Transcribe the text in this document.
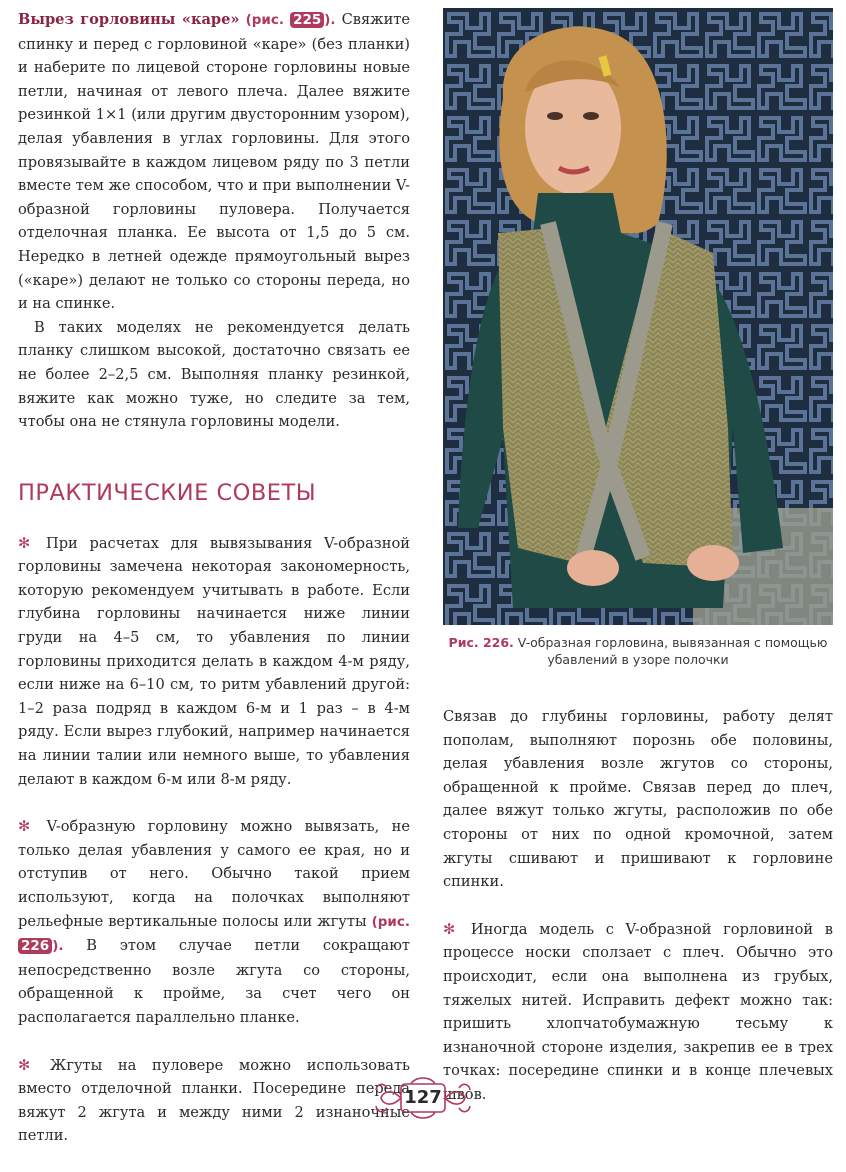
Вырез горловины «каре» (рис. 225 ). Свяжите спинку и перед с горловиной «каре» (без планки) и наберите по лицевой стороне горловины новые петли, начиная от левого плеча. Далее вяжите резинкой 1×1 (или другим двусторонним узором), делая убавления в углах горловины. Для этого провязывайте в каждом лицевом ряду по 3 петли вместе тем же способом, что и при выполнении V-образной горловины пуловера. Получается отделочная планка. Ее высота от 1,5 до 5 см. Нередко в летней одежде прямоугольный вырез («каре») делают не только со стороны переда, но и на спинке.

В таких моделях не рекомендуется делать планку слишком высокой, достаточно связать ее не более 2–2,5 см. Выполняя планку резинкой, вяжите как можно туже, но следите за тем, чтобы она не стянула горловины модели.

ПРАКТИЧЕСКИЕ СОВЕТЫ

✻ При расчетах для вывязывания V-образной горловины замечена некоторая закономерность, которую рекомендуем учитывать в работе. Если глубина горловины начинается ниже линии груди на 4–5 см, то убавления по линии горловины приходится делать в каждом 4-м ряду, если ниже на 6–10 см, то ритм убавлений другой: 1–2 раза подряд в каждом 6-м и 1 раз – в 4-м ряду. Если вырез глубокий, например начинается на линии талии или немного выше, то убавления делают в каждом 6-м или 8-м ряду.

✻ V-образную горловину можно вывязать, не только делая убавления у самого ее края, но и отступив от него. Обычно такой прием используют, когда на полочках выполняют рельефные вертикальные полосы или жгуты (рис. 226 ). В этом случае петли сокращают непосредственно возле жгута со стороны, обращенной к пройме, за счет чего он располагается параллельно планке.

✻ Жгуты на пуловере можно использовать вместо отделочной планки. Посередине переда вяжут 2 жгута и между ними 2 изнаночные петли.

Рис. 226. V-образная горловина, вывязанная с помощью убавлений в узоре полочки

Связав до глубины горловины, работу делят пополам, выполняют порознь обе половины, делая убавления возле жгутов со стороны, обращенной к пройме. Связав перед до плеч, далее вяжут только жгуты, расположив по обе стороны от них по одной кромочной, затем жгуты сшивают и пришивают к горловине спинки.

✻ Иногда модель с V-образной горловиной в процессе носки сползает с плеч. Обычно это происходит, если она выполнена из грубых, тяжелых нитей. Исправить дефект можно так: пришить хлопчатобумажную тесьму к изнаночной стороне изделия, закрепив ее в трех точках: посередине спинки и в конце плечевых швов.

127
